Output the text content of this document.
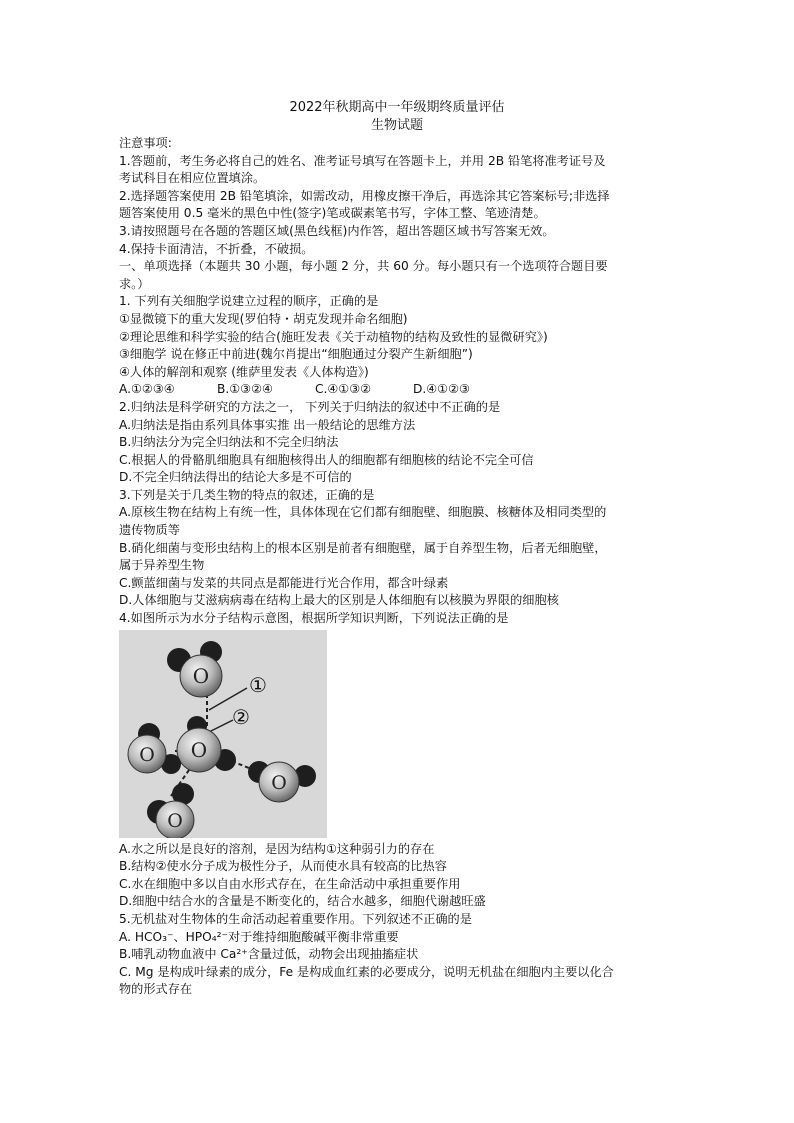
2022年秋期高中一年级期终质量评估
生物试题
注意事项:
1.答题前，考生务必将自己的姓名、准考证号填写在答题卡上，并用 2B 铅笔将准考证号及
考试科目在相应位置填涂。
2.选择题答案使用 2B 铅笔填涂，如需改动，用橡皮擦干净后，再选涂其它答案标号;非选择
题答案使用 0.5 毫米的黑色中性(签字)笔或碳素笔书写，字体工整、笔迹清楚。
3.请按照题号在各题的答题区域(黑色线框)内作答，超出答题区域书写答案无效。
4.保持卡面清洁，不折叠，不破损。
一、单项选择（本题共 30 小题，每小题 2 分，共 60 分。每小题只有一个选项符合题目要
求。）
1. 下列有关细胞学说建立过程的顺序，正确的是
①显微镜下的重大发现(罗伯特・胡克发现并命名细胞)
②理论思维和科学实验的结合(施旺发表《关于动植物的结构及致性的显微研究》)
③细胞学 说在修正中前进(魏尔肖提出“细胞通过分裂产生新细胞”)
④人体的解剖和观察 (维萨里发表《人体构造》)
A.①②③④	B.①③②④	C.④①③②	D.④①②③
2.归纳法是科学研究的方法之一， 下列关于归纳法的叙述中不正确的是
A.归纳法是指由系列具体事实推 出一般结论的思维方法
B.归纳法分为完全归纳法和不完全归纳法
C.根据人的骨骼肌细胞具有细胞核得出人的细胞都有细胞核的结论不完全可信
D.不完全归纳法得出的结论大多是不可信的
3.下列是关于几类生物的特点的叙述，正确的是
A.原核生物在结构上有统一性，具体体现在它们都有细胞壁、细胞膜、核糖体及相同类型的
遗传物质等
B.硝化细菌与变形虫结构上的根本区别是前者有细胞壁，属于自养型生物，后者无细胞壁，
属于异养型生物
C.颤蓝细菌与发菜的共同点是都能进行光合作用，都含叶绿素
D.人体细胞与艾滋病病毒在结构上最大的区别是人体细胞有以核膜为界限的细胞核
4.如图所示为水分子结构示意图，根据所学知识判断，下列说法正确的是
O
O
O
O
O
①
②
A.水之所以是良好的溶剂，是因为结构①这种弱引力的存在
B.结构②使水分子成为极性分子，从而使水具有较高的比热容
C.水在细胞中多以自由水形式存在，在生命活动中承担重要作用
D.细胞中结合水的含量是不断变化的，结合水越多，细胞代谢越旺盛
5.无机盐对生物体的生命活动起着重要作用。下列叙述不正确的是
A. HCO₃⁻、HPO₄²⁻对于维持细胞酸碱平衡非常重要
B.哺乳动物血液中 Ca²⁺含量过低，动物会出现抽搐症状
C. Mg 是构成叶绿素的成分，Fe 是构成血红素的必要成分，说明无机盐在细胞内主要以化合
物的形式存在
